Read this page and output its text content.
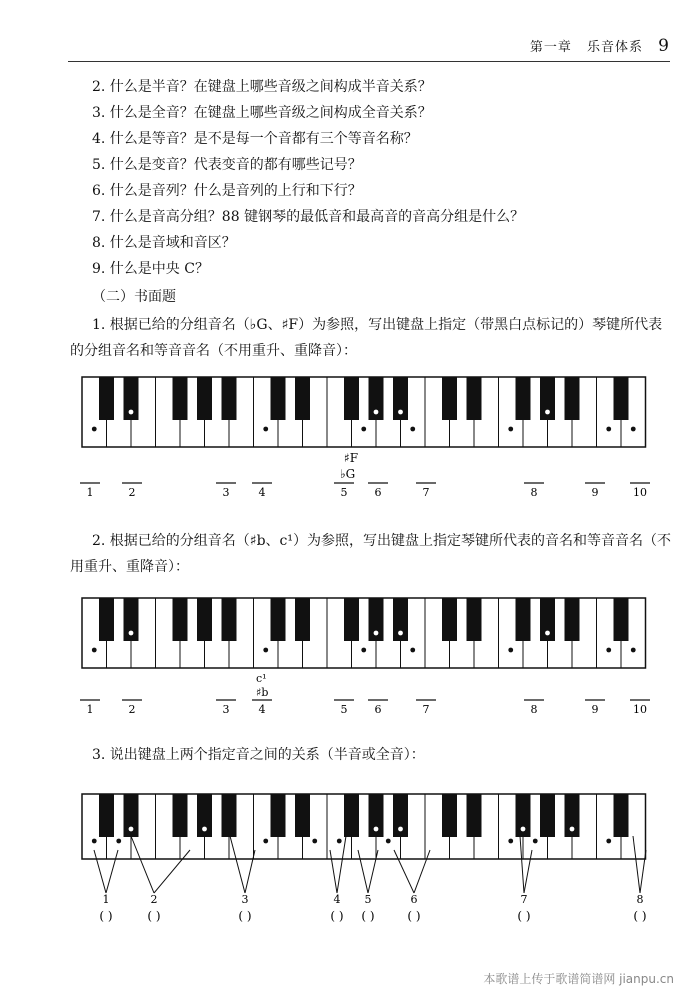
第一章 乐音体系 9
2. 什么是半音？在键盘上哪些音级之间构成半音关系？
3. 什么是全音？在键盘上哪些音级之间构成全音关系？
4. 什么是等音？是不是每一个音都有三个等音名称？
5. 什么是变音？代表变音的都有哪些记号？
6. 什么是音列？什么是音列的上行和下行？
7. 什么是音高分组？88 键钢琴的最低音和最高音的音高分组是什么？
8. 什么是音域和音区？
9. 什么是中央 C？
（二）书面题
1. 根据已给的分组音名（♭G、♯F）为参照，写出键盘上指定（带黑白点标记的）琴键所代表的分组音名和等音音名（不用重升、重降音）：
2. 根据已给的分组音名（♯b、c¹）为参照，写出键盘上指定琴键所代表的音名和等音音名（不用重升、重降音）：
3. 说出键盘上两个指定音之间的关系（半音或全音）：
1	2	3	4	5 6	7	8	9	10
1	2	3	4	5 6	7	8	9	10
1
( )
2
( )
3
( )
4
( )
5
( )
6
( )
7
( )
8
( )
♯F
♭G
c¹
♯b
本歌谱上传于歌谱简谱网 jianpu.cn
